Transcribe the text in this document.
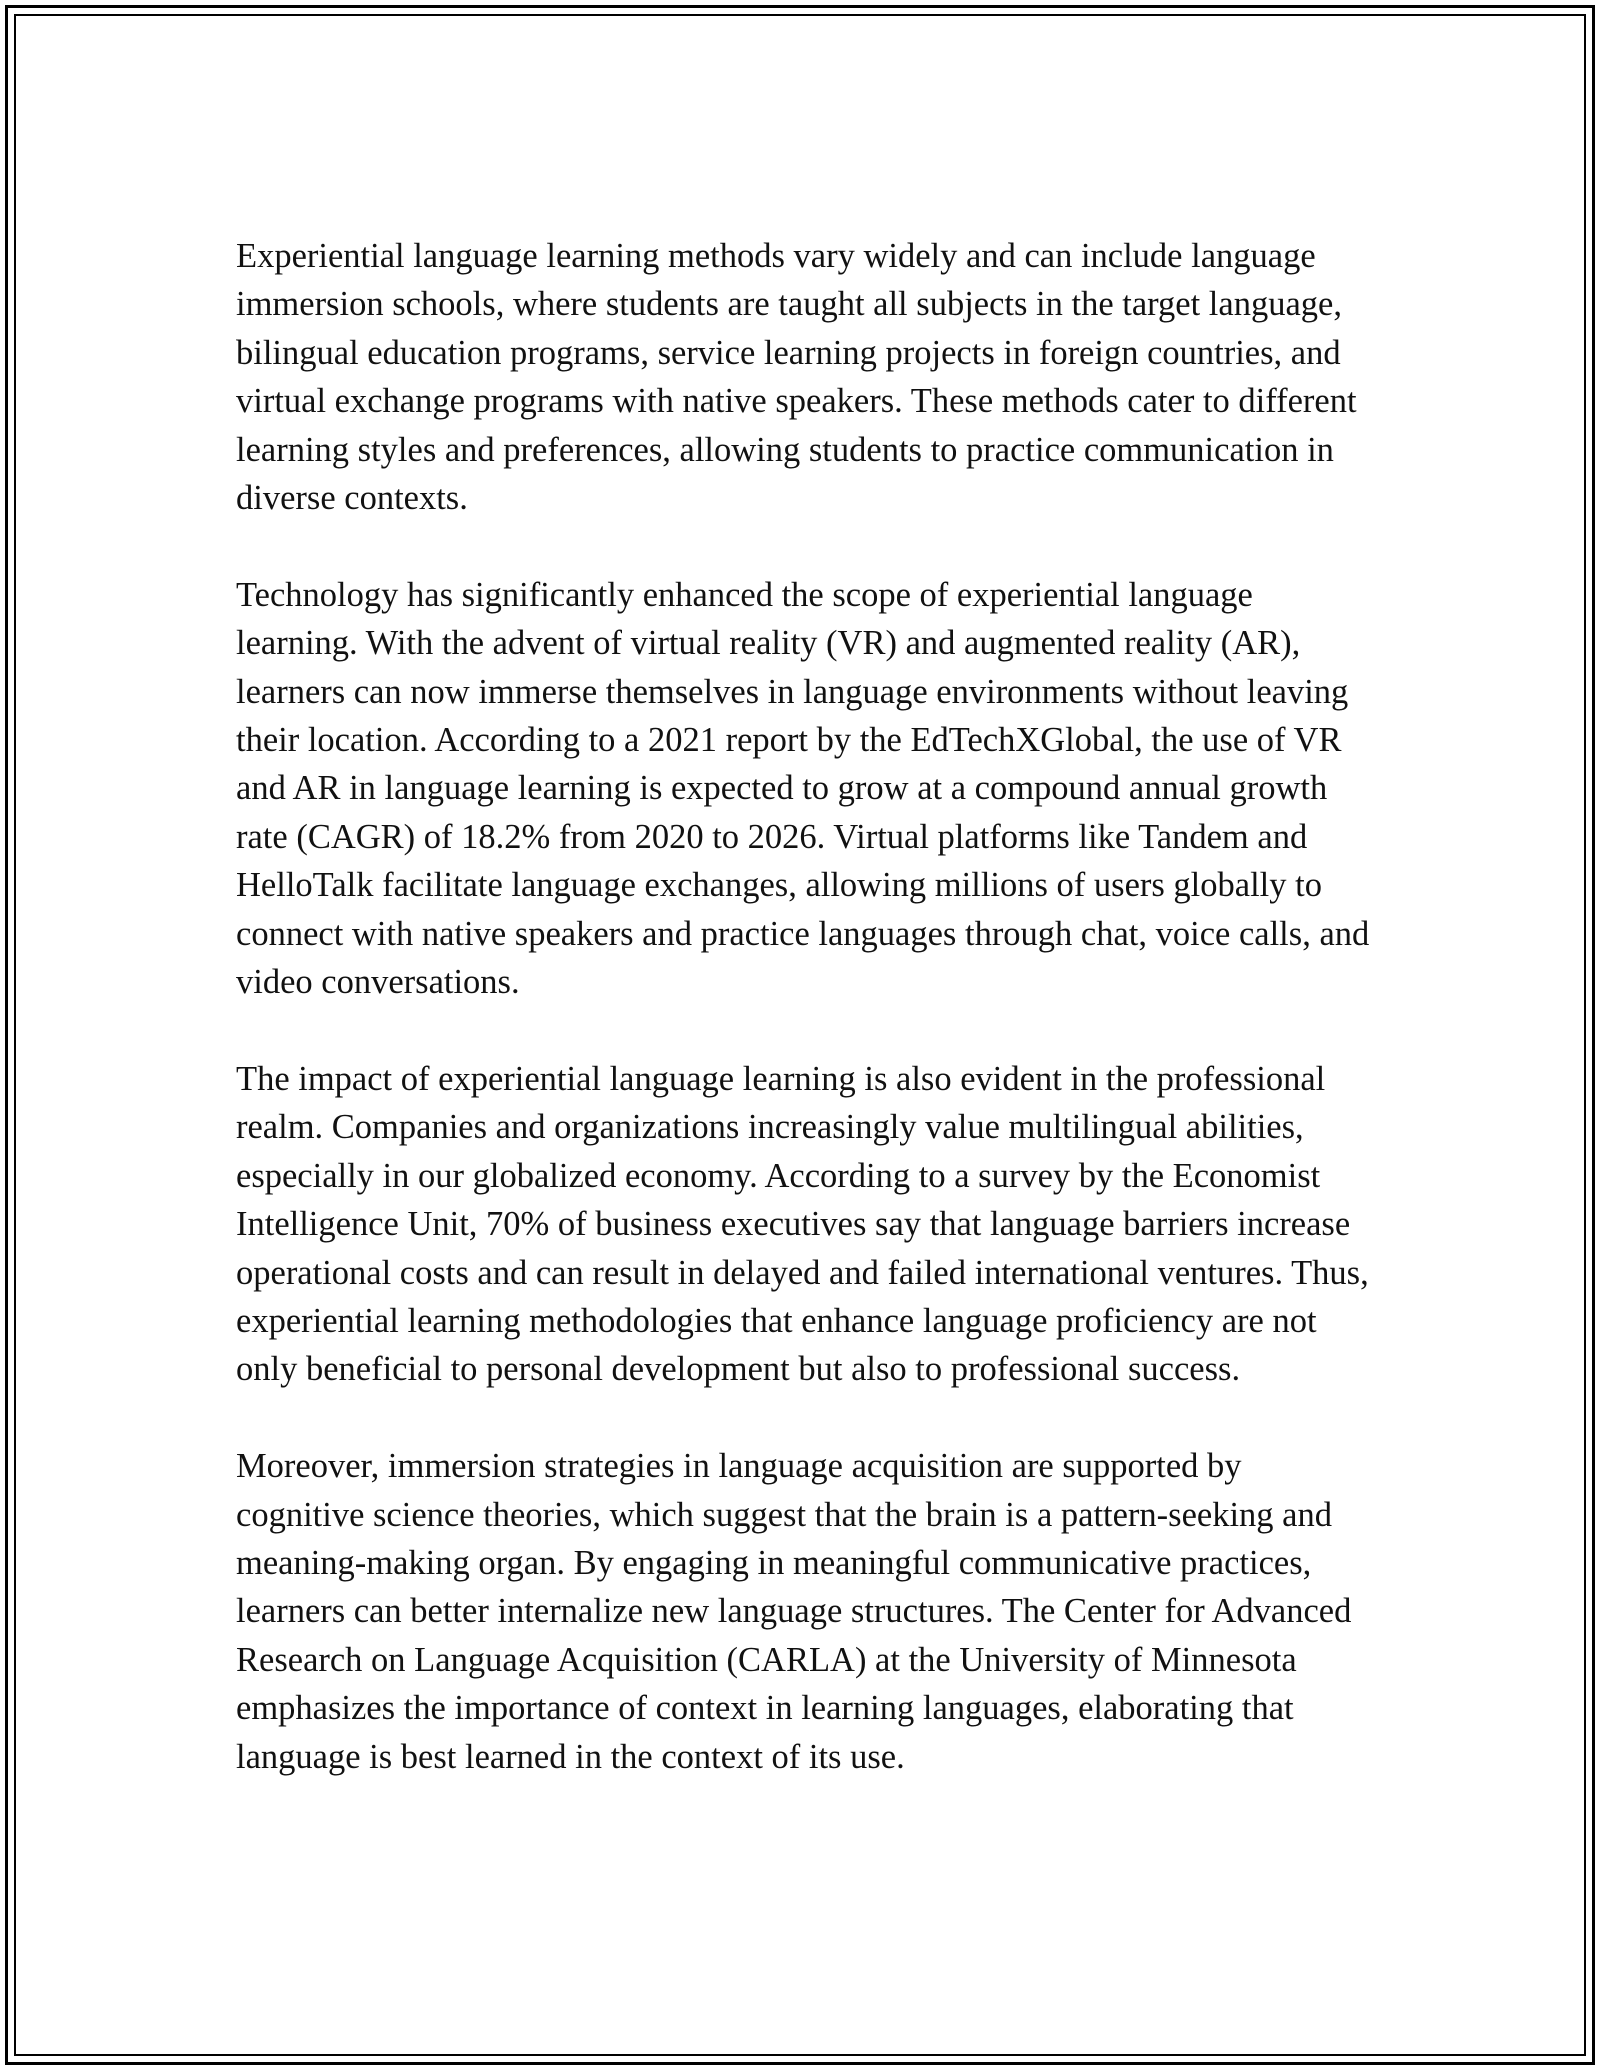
Experiential language learning methods vary widely and can include language immersion schools, where students are taught all subjects in the target language, bilingual education programs, service learning projects in foreign countries, and virtual exchange programs with native speakers. These methods cater to different learning styles and preferences, allowing students to practice communication in diverse contexts.

Technology has significantly enhanced the scope of experiential language learning. With the advent of virtual reality (VR) and augmented reality (AR), learners can now immerse themselves in language environments without leaving their location. According to a 2021 report by the EdTechXGlobal, the use of VR and AR in language learning is expected to grow at a compound annual growth rate (CAGR) of 18.2% from 2020 to 2026. Virtual platforms like Tandem and HelloTalk facilitate language exchanges, allowing millions of users globally to connect with native speakers and practice languages through chat, voice calls, and video conversations.

The impact of experiential language learning is also evident in the professional realm. Companies and organizations increasingly value multilingual abilities, especially in our globalized economy. According to a survey by the Economist Intelligence Unit, 70% of business executives say that language barriers increase operational costs and can result in delayed and failed international ventures. Thus, experiential learning methodologies that enhance language proficiency are not only beneficial to personal development but also to professional success.

Moreover, immersion strategies in language acquisition are supported by cognitive science theories, which suggest that the brain is a pattern-seeking and meaning-making organ. By engaging in meaningful communicative practices, learners can better internalize new language structures. The Center for Advanced Research on Language Acquisition (CARLA) at the University of Minnesota emphasizes the importance of context in learning languages, elaborating that language is best learned in the context of its use.
